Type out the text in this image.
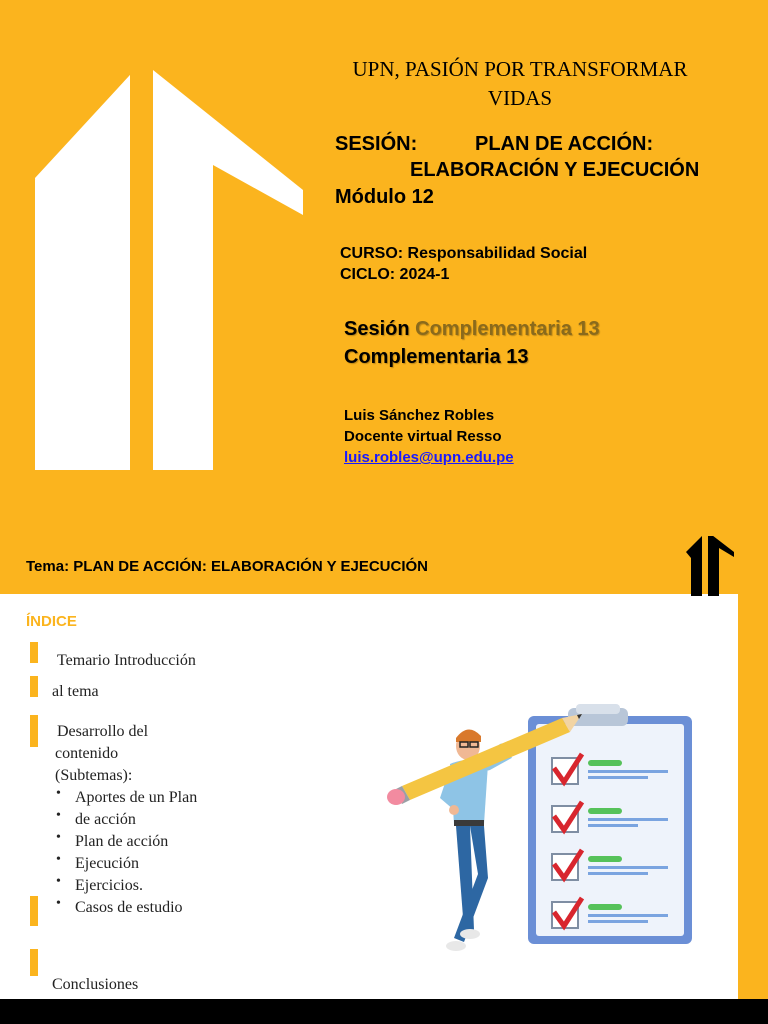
UPN, PASIÓN POR TRANSFORMAR VIDAS
SESIÓN:	PLAN DE ACCIÓN:
ELABORACIÓN Y EJECUCIÓN
Módulo 12
CURSO: Responsabilidad Social
CICLO: 2024-1
Sesión Complementaria 13
Complementaria 13
Luis Sánchez Robles
Docente virtual Resso
luis.robles@upn.edu.pe
Tema: PLAN DE ACCIÓN: ELABORACIÓN Y EJECUCIÓN
ÍNDICE
Temario Introducción
al tema
Desarrollo del
contenido
(Subtemas):
• Aportes de un Plan
• de acción
• Plan de acción
• Ejecución
• Ejercicios.
• Casos de estudio
Conclusiones
